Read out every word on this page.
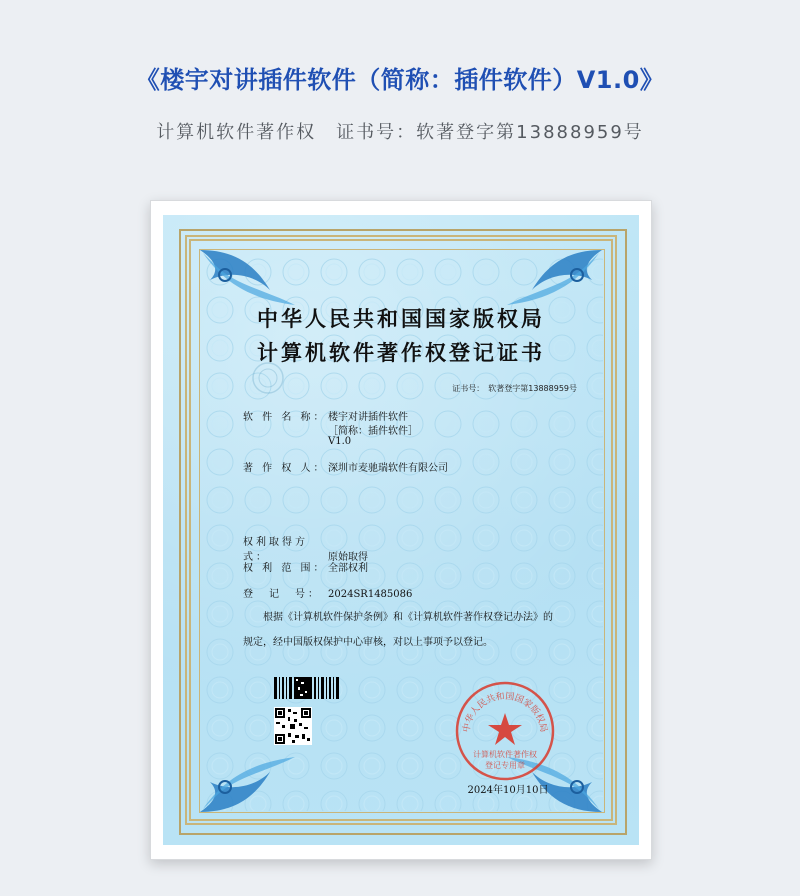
《楼宇对讲插件软件（简称：插件软件）V1.0》
计算机软件著作权　证书号：软著登字第13888959号
中华人民共和国国家版权局
计算机软件著作权登记证书
证书号：　软著登字第13888959号
软 件 名 称：楼宇对讲插件软件
［简称：插件软件］
V1.0
著 作 权 人：深圳市麦驰瑞软件有限公司
权利取得方式：	原始取得
权 利 范 围：全部权利
登　记　号： 2024SR1485086
根据《计算机软件保护条例》和《计算机软件著作权登记办法》的
规定，经中国版权保护中心审核，对以上事项予以登记。
中华人民共和国国家版权局
计算机软件著作权
登记专用章
2024年10月10日
